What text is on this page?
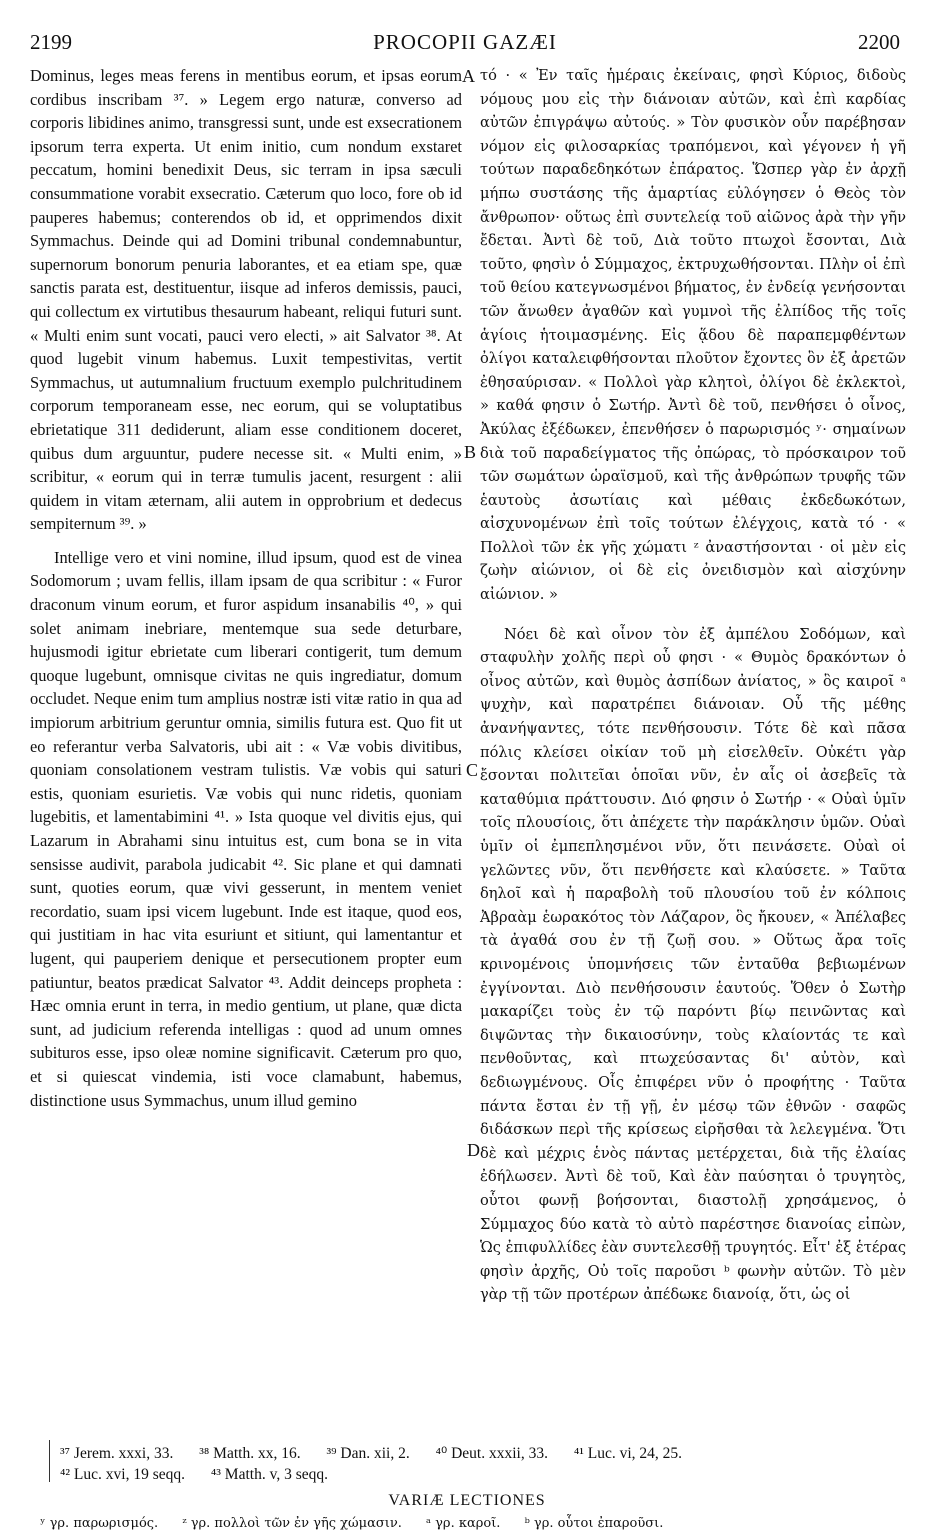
2199	PROCOPII GAZÆI	2200

Dominus, leges meas ferens in mentibus eorum, et ipsas eorum cordibus inscribam ³⁷. » Legem ergo naturæ, converso ad corporis libidines animo, transgressi sunt, unde est exsecrationem ipsorum terra experta. Ut enim initio, cum nondum exstaret peccatum, homini benedixit Deus, sic terram in ipsa sæculi consummatione vorabit exsecratio. Cæterum quo loco, fore ob id pauperes habemus; conterendos ob id, et opprimendos dixit Symmachus. Deinde qui ad Domini tribunal condemnabuntur, supernorum bonorum penuria laborantes, et ea etiam spe, quæ sanctis parata est, destituentur, iisque ad inferos demissis, pauci, qui collectum ex virtutibus thesaurum habeant, reliqui futuri sunt. « Multi enim sunt vocati, pauci vero electi, » ait Salvator ³⁸. At quod lugebit vinum habemus. Luxit tempestivitas, vertit Symmachus, ut autumnalium fructuum exemplo pulchritudinem corporum temporaneam esse, nec eorum, qui se voluptatibus ebrietatique 311 dediderunt, aliam esse conditionem doceret, quibus dum arguuntur, pudere necesse sit. « Multi enim, » scribitur, « eorum qui in terræ tumulis jacent, resurgent : alii quidem in vitam æternam, alii autem in opprobrium et dedecus sempiternum ³⁹. »

Intellige vero et vini nomine, illud ipsum, quod est de vinea Sodomorum ; uvam fellis, illam ipsam de qua scribitur : « Furor draconum vinum eorum, et furor aspidum insanabilis ⁴⁰, » qui solet animam inebriare, mentemque sua sede deturbare, hujusmodi igitur ebrietate cum liberari contigerit, tum demum quoque lugebunt, omnisque civitas ne quis ingrediatur, domum occludet. Neque enim tum amplius nostræ isti vitæ ratio in qua ad impiorum arbitrium geruntur omnia, similis futura est. Quo fit ut eo referantur verba Salvatoris, ubi ait : « Væ vobis divitibus, quoniam consolationem vestram tulistis. Væ vobis qui saturi estis, quoniam esurietis. Væ vobis qui nunc ridetis, quoniam lugebitis, et lamentabimini ⁴¹. » Ista quoque vel divitis ejus, qui Lazarum in Abrahami sinu intuitus est, cum bona se in vita sensisse audivit, parabola judicabit ⁴². Sic plane et qui damnati sunt, quoties eorum, quæ vivi gesserunt, in mentem veniet recordatio, suam ipsi vicem lugebunt. Inde est itaque, quod eos, qui justitiam in hac vita esuriunt et sitiunt, qui lamentantur et lugent, qui pauperiem denique et persecutionem propter eum patiuntur, beatos prædicat Salvator ⁴³. Addit deinceps propheta : Hæc omnia erunt in terra, in medio gentium, ut plane, quæ dicta sunt, ad judicium referenda intelligas : quod ad unum omnes subituros esse, ipso oleæ nomine significavit. Cæterum pro quo, et si quiescat vindemia, isti voce clamabunt, habemus, distinctione usus Symmachus, unum illud gemino

τό · « Ἐν ταῖς ἡμέραις ἐκείναις, φησὶ Κύριος, διδοὺς νόμους μου εἰς τὴν διάνοιαν αὐτῶν, καὶ ἐπὶ καρδίας αὐτῶν ἐπιγράψω αὐτούς. » Τὸν φυσικὸν οὖν παρέβησαν νόμον εἰς φιλοσαρκίας τραπόμενοι, καὶ γέγονεν ἡ γῆ τούτων παραδεδηκότων ἐπάρατος. Ὥσπερ γὰρ ἐν ἀρχῇ μήπω συστάσης τῆς ἁμαρτίας εὐλόγησεν ὁ Θεὸς τὸν ἄνθρωπον· οὕτως ἐπὶ συντελείᾳ τοῦ αἰῶνος ἀρὰ τὴν γῆν ἔδεται. Ἀντὶ δὲ τοῦ, Διὰ τοῦτο πτωχοὶ ἔσονται, Διὰ τοῦτο, φησὶν ὁ Σύμμαχος, ἐκτρυχωθήσονται. Πλὴν οἱ ἐπὶ τοῦ θείου κατεγνωσμένοι βήματος, ἐν ἐνδείᾳ γενήσονται τῶν ἄνωθεν ἀγαθῶν καὶ γυμνοὶ τῆς ἐλπίδος τῆς τοῖς ἁγίοις ἡτοιμασμένης. Εἰς ᾅδου δὲ παραπεμφθέντων ὀλίγοι καταλειφθήσονται πλοῦτον ἔχοντες ὃν ἐξ ἀρετῶν ἐθησαύρισαν. « Πολλοὶ γὰρ κλητοὶ, ὀλίγοι δὲ ἐκλεκτοὶ, » καθά φησιν ὁ Σωτήρ. Ἀντὶ δὲ τοῦ, πενθήσει ὁ οἶνος, Ἀκύλας ἐξέδωκεν, ἐπενθήσεν ὁ παρωρισμός ʸ· σημαίνων διὰ τοῦ παραδείγματος τῆς ὀπώρας, τὸ πρόσκαιρον τοῦ τῶν σωμάτων ὡραϊσμοῦ, καὶ τῆς ἀνθρώπων τρυφῆς τῶν ἑαυτοὺς ἀσωτίαις καὶ μέθαις ἐκδεδωκότων, αἰσχυνομένων ἐπὶ τοῖς τούτων ἐλέγχοις, κατὰ τό · « Πολλοὶ τῶν ἐκ γῆς χώματι ᶻ ἀναστήσονται · οἱ μὲν εἰς ζωὴν αἰώνιον, οἱ δὲ εἰς ὀνειδισμὸν καὶ αἰσχύνην αἰώνιον. »

Νόει δὲ καὶ οἶνον τὸν ἐξ ἀμπέλου Σοδόμων, καὶ σταφυλὴν χολῆς περὶ οὗ φησι · « Θυμὸς δρακόντων ὁ οἶνος αὐτῶν, καὶ θυμὸς ἀσπίδων ἀνίατος, » ὃς καιροῖ ᵃ ψυχὴν, καὶ παρατρέπει διάνοιαν. Οὗ τῆς μέθης ἀνανήψαντες, τότε πενθήσουσιν. Τότε δὲ καὶ πᾶσα πόλις κλείσει οἰκίαν τοῦ μὴ εἰσελθεῖν. Οὐκέτι γὰρ ἔσονται πολιτεῖαι ὁποῖαι νῦν, ἐν αἷς οἱ ἀσεβεῖς τὰ καταθύμια πράττουσιν. Διό φησιν ὁ Σωτήρ · « Οὐαὶ ὑμῖν τοῖς πλουσίοις, ὅτι ἀπέχετε τὴν παράκλησιν ὑμῶν. Οὐαὶ ὑμῖν οἱ ἐμπεπλησμένοι νῦν, ὅτι πεινάσετε. Οὐαὶ οἱ γελῶντες νῦν, ὅτι πενθήσετε καὶ κλαύσετε. » Ταῦτα δηλοῖ καὶ ἡ παραβολὴ τοῦ πλουσίου τοῦ ἐν κόλποις Ἀβραὰμ ἑωρακότος τὸν Λάζαρον, ὃς ἤκουεν, « Ἀπέλαβες τὰ ἀγαθά σου ἐν τῇ ζωῇ σου. » Οὕτως ἄρα τοῖς κρινομένοις ὑπομνήσεις τῶν ἐνταῦθα βεβιωμένων ἐγγίνονται. Διὸ πενθήσουσιν ἑαυτούς. Ὅθεν ὁ Σωτὴρ μακαρίζει τοὺς ἐν τῷ παρόντι βίῳ πεινῶντας καὶ διψῶντας τὴν δικαιοσύνην, τοὺς κλαίοντάς τε καὶ πενθοῦντας, καὶ πτωχεύσαντας δι' αὐτὸν, καὶ δεδιωγμένους. Οἷς ἐπιφέρει νῦν ὁ προφήτης · Ταῦτα πάντα ἔσται ἐν τῇ γῇ, ἐν μέσῳ τῶν ἐθνῶν · σαφῶς διδάσκων περὶ τῆς κρίσεως εἰρῆσθαι τὰ λελεγμένα. Ὅτι δὲ καὶ μέχρις ἑνὸς πάντας μετέρχεται, διὰ τῆς ἐλαίας ἐδήλωσεν. Ἀντὶ δὲ τοῦ, Καὶ ἐὰν παύσηται ὁ τρυγητὸς, οὗτοι φωνῇ βοήσονται, διαστολῇ χρησάμενος, ὁ Σύμμαχος δύο κατὰ τὸ αὐτὸ παρέστησε διανοίας εἰπὼν, Ὡς ἐπιφυλλίδες ἐὰν συντελεσθῇ τρυγητός. Εἶτ' ἐξ ἑτέρας φησὶν ἀρχῆς, Οὐ τοῖς παροῦσι ᵇ φωνὴν αὐτῶν. Τὸ μὲν γὰρ τῇ τῶν προτέρων ἀπέδωκε διανοίᾳ, ὅτι, ὡς οἱ

A
B
C
D
³⁷ Jerem. xxxi, 33. ³⁸ Matth. xx, 16. ³⁹ Dan. xii, 2. ⁴⁰ Deut. xxxii, 33. ⁴¹ Luc. vi, 24, 25.
⁴² Luc. xvi, 19 seqq. ⁴³ Matth. v, 3 seqq.
VARIÆ LECTIONES
ʸ γρ. παρωρισμός. ᶻ γρ. πολλοὶ τῶν ἐν γῆς χώμασιν. ᵃ γρ. καροῖ. ᵇ γρ. οὗτοι ἐπαροῦσι.
